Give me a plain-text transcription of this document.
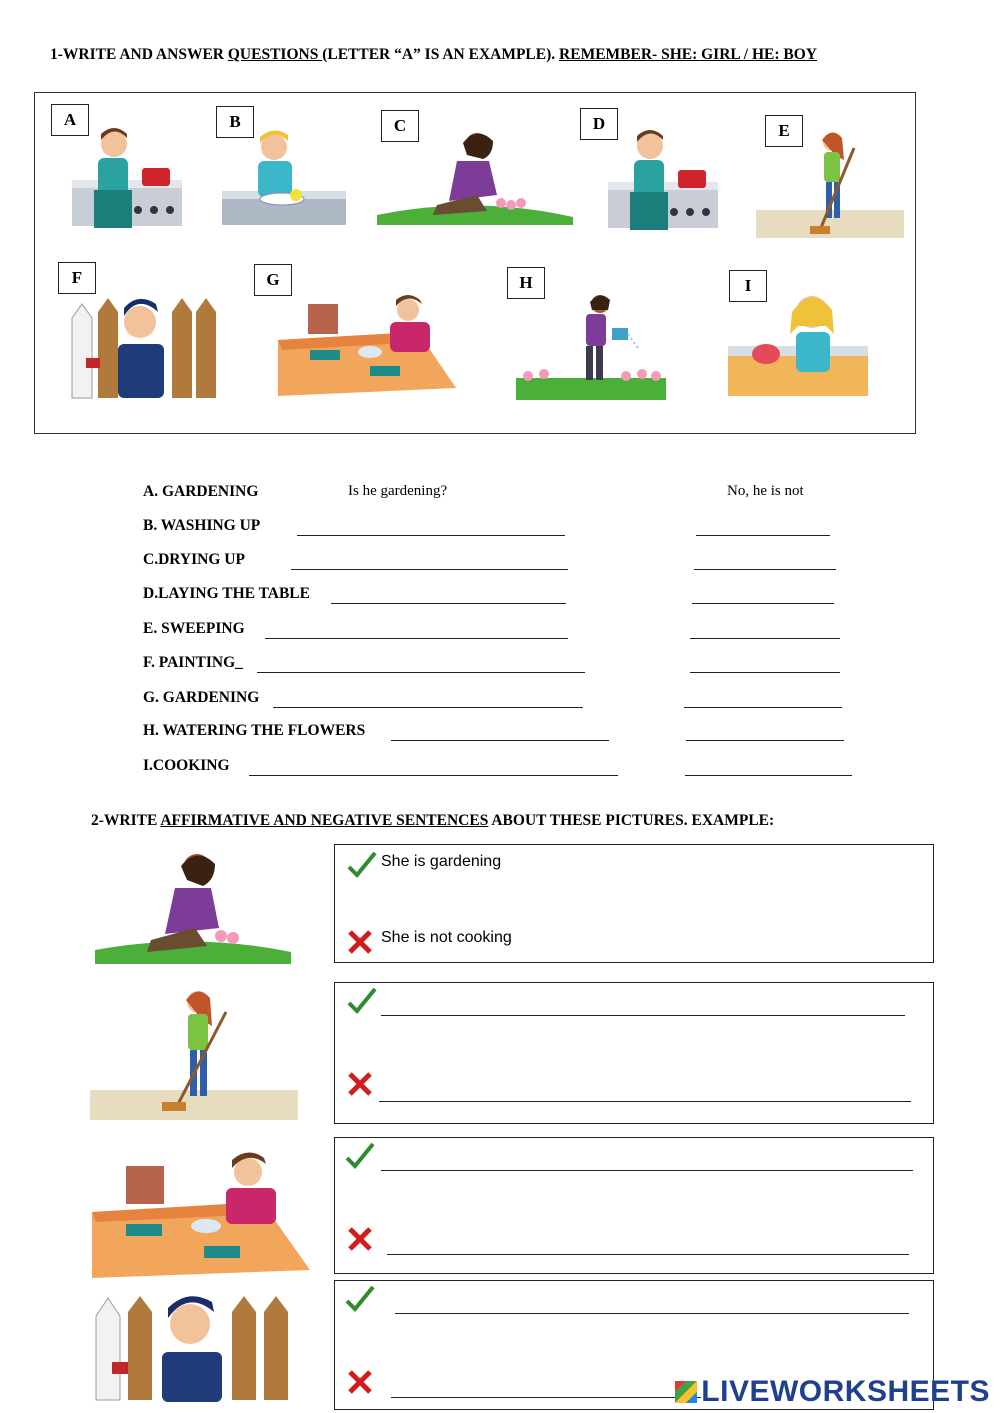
1-WRITE AND ANSWER QUESTIONS (LETTER “A” IS AN EXAMPLE). REMEMBER- SHE: GIRL / HE: BOY
A	B	C	D	E
F	G	H	I
A. GARDENING	Is he gardening?	No, he is not
B. WASHING UP
C.DRYING UP
D.LAYING THE TABLE
E. SWEEPING
F. PAINTING_
G. GARDENING
H. WATERING THE FLOWERS
I.COOKING
2-WRITE AFFIRMATIVE AND NEGATIVE SENTENCES ABOUT THESE PICTURES. EXAMPLE:
She is gardening
She is not cooking
LIVEWORKSHEETS
